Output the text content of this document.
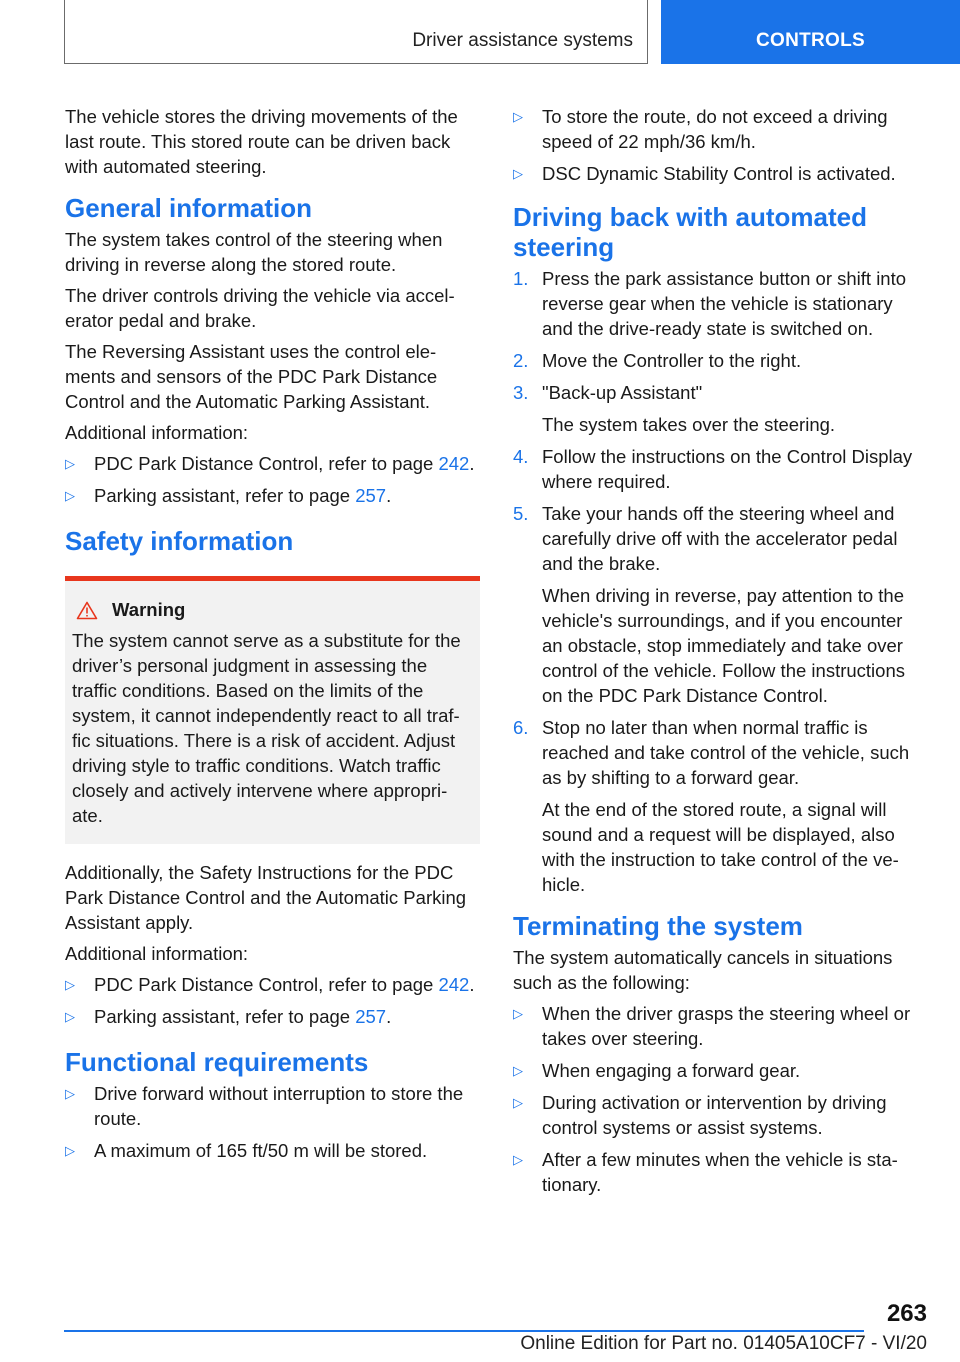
Driver assistance systems	CONTROLS

The vehicle stores the driving movements of the last route. This stored route can be driven back with automated steering.

General information

The system takes control of the steering when driving in reverse along the stored route.

The driver controls driving the vehicle via accel‐ erator pedal and brake.

The Reversing Assistant uses the control ele‐ ments and sensors of the PDC Park Distance Control and the Automatic Parking Assistant.

Additional information:

▷ PDC Park Distance Control, refer to page 242.
▷ Parking assistant, refer to page 257.
Safety information
Warning

The system cannot serve as a substitute for the driver’s personal judgment in assessing the traffic conditions. Based on the limits of the system, it cannot independently react to all traf‐ fic situations. There is a risk of accident. Adjust driving style to traffic conditions. Watch traffic closely and actively intervene where appropri‐ ate.

Additionally, the Safety Instructions for the PDC Park Distance Control and the Automatic Parking Assistant apply.

Additional information:

▷ PDC Park Distance Control, refer to page 242.
▷ Parking assistant, refer to page 257.
Functional requirements
▷ Drive forward without interruption to store the route.
▷ A maximum of 165 ft/50 m will be stored.
▷ To store the route, do not exceed a driving speed of 22 mph/36 km/h.
▷ DSC Dynamic Stability Control is activated.
Driving back with automated steering
1. Press the park assistance button or shift into reverse gear when the vehicle is stationary and the drive-ready state is switched on.
2. Move the Controller to the right.
3. "Back-up Assistant"
The system takes over the steering.
4. Follow the instructions on the Control Display where required.
5. Take your hands off the steering wheel and carefully drive off with the accelerator pedal and the brake.
When driving in reverse, pay attention to the vehicle's surroundings, and if you encounter an obstacle, stop immediately and take over control of the vehicle. Follow the instructions on the PDC Park Distance Control.
6. Stop no later than when normal traffic is reached and take control of the vehicle, such as by shifting to a forward gear.
At the end of the stored route, a signal will sound and a request will be displayed, also with the instruction to take control of the ve‐ hicle.
Terminating the system

The system automatically cancels in situations such as the following:

▷ When the driver grasps the steering wheel or takes over steering.
▷ When engaging a forward gear.
▷ During activation or intervention by driving control systems or assist systems.
▷ After a few minutes when the vehicle is sta‐ tionary.
263
Online Edition for Part no. 01405A10CF7 - VI/20
